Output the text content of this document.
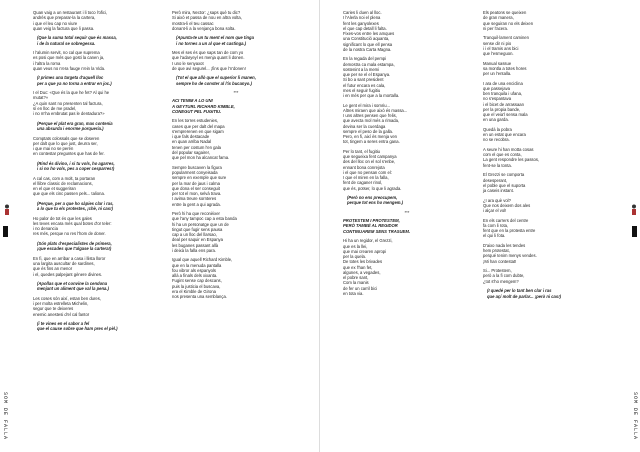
Quan vaig a un restaurant i li toco l'ofici,
andrès que preparar-la la cartera,
i que el leu cap no viure
quan veig la factura que li passa.
(Que la suma total sequir que és massa,
i de la natural se sobregessa.
I l'alumin servit, no cal que suprema
es posi que més que gosti la canen ja,
i l'altra la rorna
quan veus no n'era fauge n'ein la Vida.
(I primes una targeta d'aquell lloc
per a que ya no torna a entrar en joc.)
I el Duc: «Que és la que he fet? Al qui he
mutat?»
¿A quin sant no presenten tal factura,
sí en lloc de me pradel,
i no m'ha embrutat pas le dentadura?»
(Perque el plat era gran, mas contenia
una absurda i enorme porqueria.)
Comptats colossals que se doseren
per dalt que lo que just, deurra ser,
i que mai no se perén
en contestar preguntes que has de fer.
(Rind és divino, i si tu vols, ho agarres,
i si no ho vols, pes a coper cesparres!)
A cal cas, com a molt, ta portaran
el llibre classic de reclamacions,
en el que et suggeriran
que que els cinc passen pels... taliona.
(Perque, per a que ho sàpies clar i ras,
a lo que tu els protestes, ¡chè, ni cas!)
Ho palor de tot és que les gales
les teves encara més qual botes d'or teler:
i no denancia
res més, perque no res l'hom de doner.
(Són plats d'especialistes de primera,
¡que escades que t'algase la cartera!)
En fi, que en arribar a casa i llista lloror
una largita auscultar de sardines,
que és fins an menor
i el, quedes palpejant gènere divines.
(Apollas que et convine la cendona
menjant un aliment que val la pena.)
Les coses són així, estan ben dures,
i per molta estrelleta Michelin,
segur que te deixeres
enemic anestesi d'el cal fantor
(i te vines en el sabor a fel
que el cause sobre que ham pres el pèl.)
Però mira, Nector: ¿saps què tu dic?
Si això et passa de nou en altra volta,
mostra-li el teu cassac
donant-li a la venjança bona solta.
(Apunta-te un tu ment el nom que tinga
i no tornes a un al que et castinga.)
Mes el ses és que saps tan de com yo
que l'adaryeyl es menja quant li donen.
I uno le senyaxot
de que avi segurel... ¡fins que l'n'donen!
(Tot el que allò que el superior li manen,
sempre ho de conster al l'ix bucanyo.)
***
ACI TENIM A LO UNI
A GEYTURL RICHARD KIMBLE,
CONEGUT PEL FUGITIU.
En les torres estudenies,
cases que per dalt del mapa
s'emprerenen en que sigam
i que fals destacade
en quan arriba Nadal
tenen per costum l'en gala
del popular sagairer,
que pel mon ha alcancat fama.
Sempre buscaven la figura
popularment conyeisada
sempre en exemple que sure
per la mar de jaus i calma
que dona el ser conseguit
per tot el mon, selvà trava.
I avima treure sornteres
entre la gent a qui agrada.
Però hi ha que reconèixer
que l'any tampoc cap a esta banda
hi ha un personatge que un de
tingut que fugir sens pausa
cap a un lloc del llarsao,
deal per saquir en Espanya
les buganes passant allà
i deixà la falla ens para.
Igual que aquell Richard Kimble,
que en la menuda pantalla
fou vibror als espanyols
allà a finals dels xixanta.
Fugint sense cap descans,
puis la justicia el buscava,
era el Kimble de Girona
nos presenta una semblança.
Caries li duen al lloc.
I l'Alerla noi el plena
fent les ganyolexes
el que cap detall li falta.
Fixes-vos entre les amques
una Constitució aquanta,
significant lo que ell pensa
de la nostra Carta Magna.
En la regada del pempi
demostra ca mala estampa,
sostenint a la memi
que per se el el Espanya.
Si bo a sant president
el futur encara es cala,
mes el seguir fugitiu
i en més per que a la mortalla.
Le gent el mira i somriu...
Altres miraen que això és massa...
I uns altres pensen que l'elis,
que avecta mol més a rimada,
devina ser la cuerdaga
sempre el peso de la galla.
Pero, en fi, així ès menja ven
tot, tingem a seres entra gana.
Per lo tant, el fugitiu
que segueixa fent campanya
des del lloc on el sol s'enbe,
ennant bona conrejota
i el que no pensan com el:
I que el miren en la falla,
fent de caganer rinol,
que és, potser, lo que li agrada.
(Però no ens preocupem,
perque tot ens ho mengem.)
***
PROTESTEM I PROTESTEM,
PERÒ TAMBÉ AL REGIDOR
CONTINUAREM SENS TRASUEM.
Hi ha un regidor, el Grezzi,
que es la llei,
que mai crearen apropi
per la quela.
De totes les brivades
que ex l'han fet,
algunes, a vegades,
el pobre sant,
Com la manis
de fer un carril bici
en tota via.
Els peatons se queixen
de gran manera,
que seguiran no els deixen
ni per l'acera.
Tranquil·lament caminen
sense dir ni pio
i i el tramis ans bici
que l'esmeguon.
Manual sassue
sa montla a totes hores
per un l'entalla.
I ara de una enciclina
que passejava
ben tranquila i ufana,
no s'espantava
i el bicet de arrassaan
per la propia bande,
que el veia'l sensa mala
en una garda.
Quedà la pobra
en un estat que encara
no se recobra.
A seure hi han motta cosas
com el que es conta,
La gent respondre les passos,
fent-se la tonta.
El Grezzi se comporta
desesperant,
el poble que el suporta
ja caseis instant.
¿I ara què vol?
Que nos deixem dos ales
i alçar el vol!
En els carrers del centre
fa com li rota,
fent que en la protesta entre
el qui li fota.
D'aixo nada les tendes
hem protestat,
perqué tenim menys vendes.
¡Mi han contestat!
Si... Protestem,
però a la fi com dubte,
¿tot s'ho mengem?
(I quedé per lo tant ben clar i ras
que açí molt de parlar... ¡però ni cas!)
SOM DE FALLA	SOM DE FALLA
